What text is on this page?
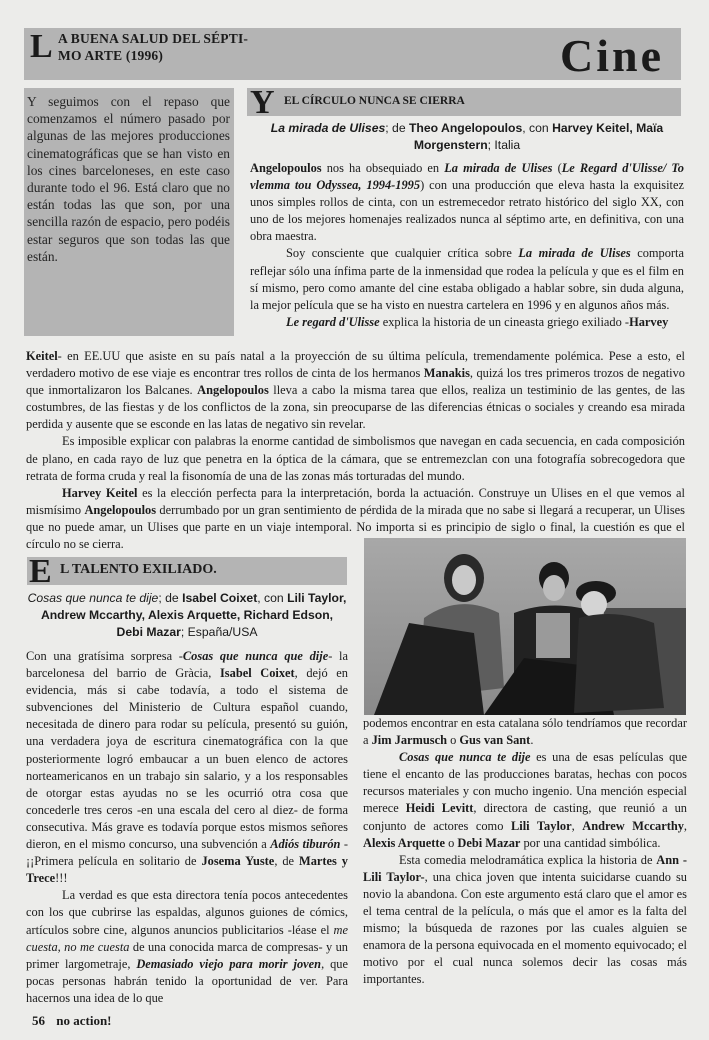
L A BUENA SALUD DEL SÉPTI-
MO ARTE (1996)	Cine
Y seguimos con el repaso que comenzamos el número pasado por algunas de las mejores producciones cinematográficas que se han visto en los cines barceloneses, en este caso durante todo el 96. Está claro que no están todas las que son, por una sencilla razón de espacio, pero podéis estar seguros que son todas las que están.
Y EL CÍRCULO NUNCA SE CIERRA
La mirada de Ulises; de Theo Angelopoulos, con Harvey Keitel, Maïa Morgenstern; Italia

Angelopoulos nos ha obsequiado en La mirada de Ulises (Le Regard d'Ulisse/ To vlemma tou Odyssea, 1994-1995) con una producción que eleva hasta la exquisitez unos simples rollos de cinta, con un estremecedor retrato histórico del siglo XX, con uno de los mejores homenajes realizados nunca al séptimo arte, en definitiva, con una obra maestra.

Soy consciente que cualquier crítica sobre La mirada de Ulises comporta reflejar sólo una ínfima parte de la inmensidad que rodea la película y que es el film en sí mismo, pero como amante del cine estaba obligado a hablar sobre, sin duda alguna, la mejor película que se ha visto en nuestra cartelera en 1996 y en algunos años más.

Le regard d'Ulisse explica la historia de un cineasta griego exiliado -Harvey

Keitel- en EE.UU que asiste en su país natal a la proyección de su última película, tremendamente polémica. Pese a esto, el verdadero motivo de ese viaje es encontrar tres rollos de cinta de los hermanos Manakis, quizá los tres primeros trozos de negativo que inmortalizaron los Balcanes. Angelopoulos lleva a cabo la misma tarea que ellos, realiza un testiminio de las gentes, de las costumbres, de las fiestas y de los conflictos de la zona, sin preocuparse de las diferencias étnicas o sociales y creando esa mirada perdida y ausente que se esconde en las latas de negativo sin revelar.

Es imposible explicar con palabras la enorme cantidad de simbolismos que navegan en cada secuencia, en cada composición de plano, en cada rayo de luz que penetra en la óptica de la cámara, que se entremezclan con una fotografía sobrecogedora que retrata de forma cruda y real la fisonomía de una de las zonas más torturadas del mundo.

Harvey Keitel es la elección perfecta para la interpretación, borda la actuación. Construye un Ulises en el que vemos al mismísimo Angelopoulos derrumbado por un gran sentimiento de pérdida de la mirada que no sabe si llegará a recuperar, un Ulises que no puede amar, un Ulises que parte en un viaje intemporal. No importa si es principio de siglo o final, la cuestión es que el círculo no se cierra.

E L TALENTO EXILIADO.
Cosas que nunca te dije; de Isabel Coixet, con Lili Taylor, Andrew Mccarthy, Alexis Arquette, Richard Edson, Debi Mazar; España/USA

Con una gratísima sorpresa -Cosas que nunca que dije- la barcelonesa del barrio de Gràcia, Isabel Coixet, dejó en evidencia, más si cabe todavía, a todo el sistema de subvenciones del Ministerio de Cultura español cuando, necesitada de dinero para rodar su película, presentó su guión, una verdadera joya de escritura cinematográfica con la que posteriormente logró embaucar a un buen elenco de actores norteamericanos en un trabajo sin salario, y a los responsables de otorgar estas ayudas no se les ocurrió otra cosa que concederle tres ceros -en una escala del cero al diez- de forma consecutiva. Más grave es todavía porque estos mismos señores dieron, en el mismo concurso, una subvención a Adiós tiburón -¡¡Primera película en solitario de Josema Yuste, de Martes y Trece!!!

La verdad es que esta directora tenía pocos antecedentes con los que cubrirse las espaldas, algunos guiones de cómics, artículos sobre cine, algunos anuncios publicitarios -léase el me cuesta, no me cuesta de una conocida marca de compresas- y un primer largometraje, Demasiado viejo para morir joven, que pocas personas habrán tenido la oportunidad de ver. Para hacernos una idea de lo que

podemos encontrar en esta catalana sólo tendríamos que recordar a Jim Jarmusch o Gus van Sant.

Cosas que nunca te dije es una de esas películas que tiene el encanto de las producciones baratas, hechas con pocos recursos materiales y con mucho ingenio. Una mención especial merece Heidi Levitt, directora de casting, que reunió a un conjunto de actores como Lili Taylor, Andrew Mccarthy, Alexis Arquette o Debi Mazar por una cantidad simbólica.

Esta comedia melodramática explica la historia de Ann -Lili Taylor-, una chica joven que intenta suicidarse cuando su novio la abandona. Con este argumento está claro que el amor es el tema central de la película, o más que el amor es la falta del mismo; la búsqueda de razones por las cuales alguien se enamora de la persona equivocada en el momento equivocado; el motivo por el cual nunca solemos decir las cosas más importantes.

56 no action!
